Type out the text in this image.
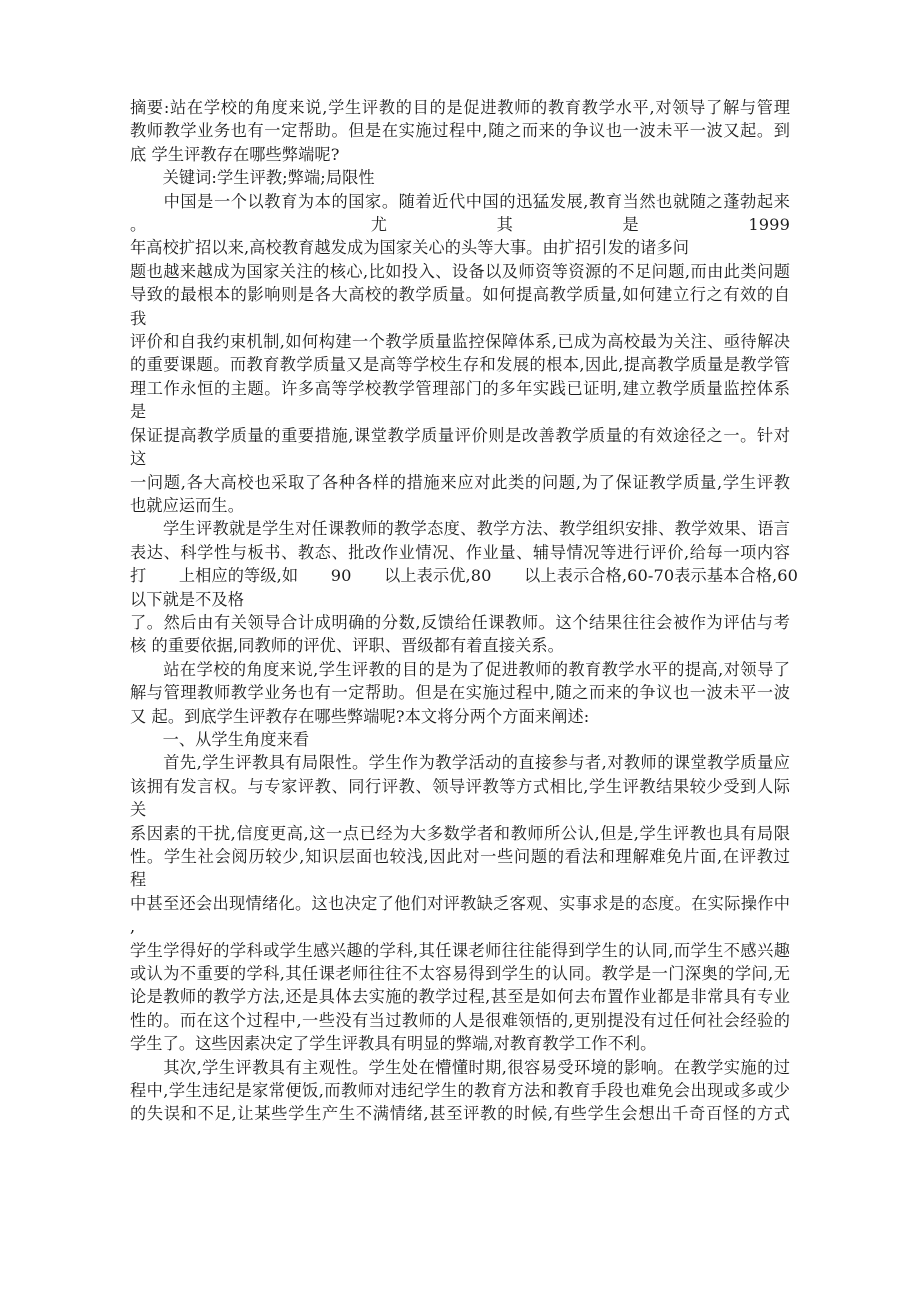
摘要:站在学校的角度来说,学生评教的目的是促进教师的教育教学水平,对领导了解与管理
教师教学业务也有一定帮助。但是在实施过程中,随之而来的争议也一波未平一波又起。到
底 学生评教存在哪些弊端呢?
　　关键词:学生评教;弊端;局限性
　　中国是一个以教育为本的国家。随着近代中国的迅猛发展,教育当然也就随之蓬勃起来
。	尤其是1999
年高校扩招以来,高校教育越发成为国家关心的头等大事。由扩招引发的诸多问
题也越来越成为国家关注的核心,比如投入、设备以及师资等资源的不足问题,而由此类问题
导致的最根本的影响则是各大高校的教学质量。如何提高教学质量,如何建立行之有效的自
我
评价和自我约束机制,如何构建一个教学质量监控保障体系,已成为高校最为关注、亟待解决
的重要课题。而教育教学质量又是高等学校生存和发展的根本,因此,提高教学质量是教学管
理工作永恒的主题。许多高等学校教学管理部门的多年实践已证明,建立教学质量监控体系
是
保证提高教学质量的重要措施,课堂教学质量评价则是改善教学质量的有效途径之一。针对
这
一问题,各大高校也采取了各种各样的措施来应对此类的问题,为了保证教学质量,学生评教
也就应运而生。
　　学生评教就是学生对任课教师的教学态度、教学方法、教学组织安排、教学效果、语言
表达、科学性与板书、教态、批改作业情况、作业量、辅导情况等进行评价,给每一项内容
打　　上相应的等级,如　　90　　以上表示优,80　　以上表示合格,60-70表示基本合格,60
以下就是不及格
了。然后由有关领导合计成明确的分数,反馈给任课教师。这个结果往往会被作为评估与考
核 的重要依据,同教师的评优、评职、晋级都有着直接关系。
　　站在学校的角度来说,学生评教的目的是为了促进教师的教育教学水平的提高,对领导了
解与管理教师教学业务也有一定帮助。但是在实施过程中,随之而来的争议也一波未平一波
又 起。到底学生评教存在哪些弊端呢?本文将分两个方面来阐述:
　　一、从学生角度来看
　　首先,学生评教具有局限性。学生作为教学活动的直接参与者,对教师的课堂教学质量应
该拥有发言权。与专家评教、同行评教、领导评教等方式相比,学生评教结果较少受到人际
关
系因素的干扰,信度更高,这一点已经为大多数学者和教师所公认,但是,学生评教也具有局限
性。学生社会阅历较少,知识层面也较浅,因此对一些问题的看法和理解难免片面,在评教过
程
中甚至还会出现情绪化。这也决定了他们对评教缺乏客观、实事求是的态度。在实际操作中
,
学生学得好的学科或学生感兴趣的学科,其任课老师往往能得到学生的认同,而学生不感兴趣
或认为不重要的学科,其任课老师往往不太容易得到学生的认同。教学是一门深奥的学问,无
论是教师的教学方法,还是具体去实施的教学过程,甚至是如何去布置作业都是非常具有专业
性的。而在这个过程中,一些没有当过教师的人是很难领悟的,更别提没有过任何社会经验的
学生了。这些因素决定了学生评教具有明显的弊端,对教育教学工作不利。
　　其次,学生评教具有主观性。学生处在懵懂时期,很容易受环境的影响。在教学实施的过
程中,学生违纪是家常便饭,而教师对违纪学生的教育方法和教育手段也难免会出现或多或少
的失误和不足,让某些学生产生不满情绪,甚至评教的时候,有些学生会想出千奇百怪的方式
